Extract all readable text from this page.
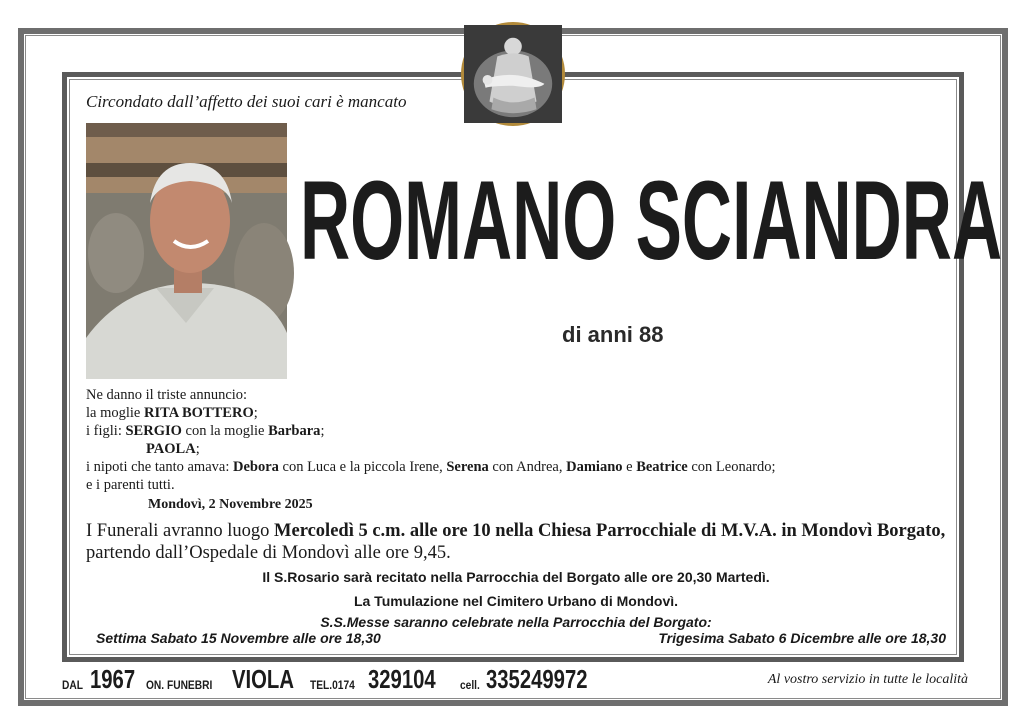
Circondato dall’affetto dei suoi cari è mancato
ROMANO SCIANDRA
di anni 88
Ne danno il triste annuncio:
la moglie RITA BOTTERO;
i figli: SERGIO con la moglie Barbara;
PAOLA;
i nipoti che tanto amava: Debora con Luca e la piccola Irene, Serena con Andrea, Damiano e Beatrice con Leonardo;
e i parenti tutti.
Mondovì, 2 Novembre 2025
I Funerali avranno luogo Mercoledì 5 c.m. alle ore 10 nella Chiesa Parrocchiale di M.V.A. in Mondovì Borgato,
partendo dall’Ospedale di Mondovì alle ore 9,45.
Il S.Rosario sarà recitato nella Parrocchia del Borgato alle ore 20,30 Martedì.
La Tumulazione nel Cimitero Urbano di Mondovì.
S.S.Messe saranno celebrate nella Parrocchia del Borgato:
Settima Sabato 15 Novembre alle ore 18,30	Trigesima Sabato 6 Dicembre alle ore 18,30
DAL 1967 ON. FUNEBRI VIOLA TEL.0174 329104 cell. 335249972	Al vostro servizio in tutte le località
